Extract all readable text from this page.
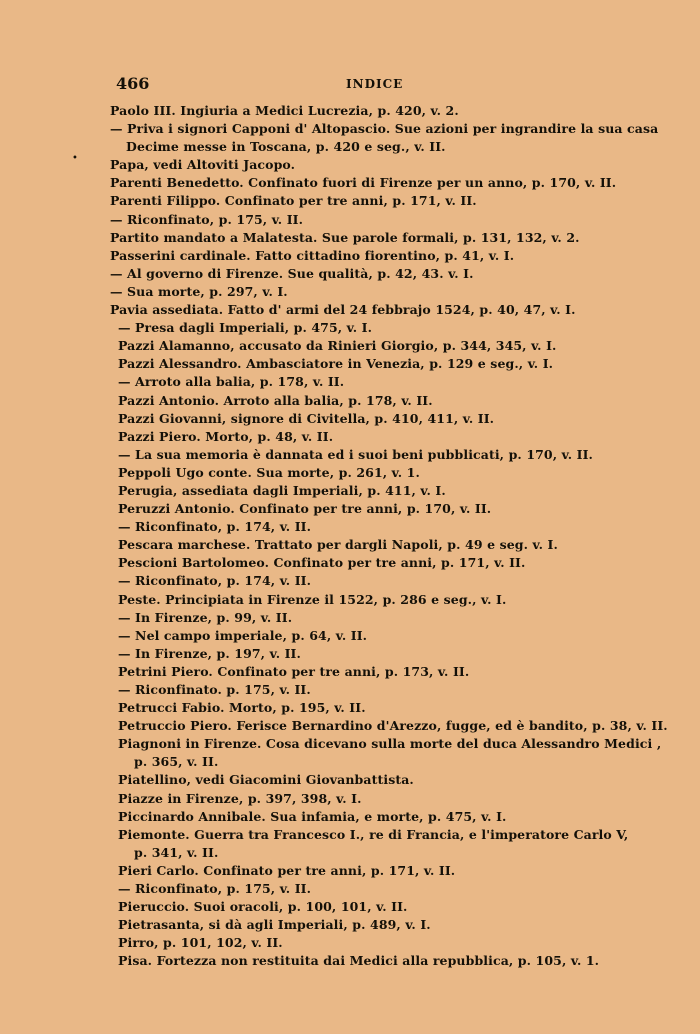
466	INDICE
•
Paolo III. Ingiuria a Medici Lucrezia, p. 420, v. 2.
— Priva i signori Capponi d' Altopascio. Sue azioni per ingrandire la sua casa
Decime messe in Toscana, p. 420 e seg., v. II.
Papa, vedi Altoviti Jacopo.
Parenti Benedetto. Confinato fuori di Firenze per un anno, p. 170, v. II.
Parenti Filippo. Confinato per tre anni, p. 171, v. II.
— Riconfinato, p. 175, v. II.
Partito mandato a Malatesta. Sue parole formali, p. 131, 132, v. 2.
Passerini cardinale. Fatto cittadino fiorentino, p. 41, v. I.
— Al governo di Firenze. Sue qualità, p. 42, 43. v. I.
— Sua morte, p. 297, v. I.
Pavia assediata. Fatto d' armi del 24 febbrajo 1524, p. 40, 47, v. I.
— Presa dagli Imperiali, p. 475, v. I.
Pazzi Alamanno, accusato da Rinieri Giorgio, p. 344, 345, v. I.
Pazzi Alessandro. Ambasciatore in Venezia, p. 129 e seg., v. I.
— Arroto alla balia, p. 178, v. II.
Pazzi Antonio. Arroto alla balia, p. 178, v. II.
Pazzi Giovanni, signore di Civitella, p. 410, 411, v. II.
Pazzi Piero. Morto, p. 48, v. II.
— La sua memoria è dannata ed i suoi beni pubblicati, p. 170, v. II.
Peppoli Ugo conte. Sua morte, p. 261, v. 1.
Perugia, assediata dagli Imperiali, p. 411, v. I.
Peruzzi Antonio. Confinato per tre anni, p. 170, v. II.
— Riconfinato, p. 174, v. II.
Pescara marchese. Trattato per dargli Napoli, p. 49 e seg. v. I.
Pescioni Bartolomeo. Confinato per tre anni, p. 171, v. II.
— Riconfinato, p. 174, v. II.
Peste. Principiata in Firenze il 1522, p. 286 e seg., v. I.
— In Firenze, p. 99, v. II.
— Nel campo imperiale, p. 64, v. II.
— In Firenze, p. 197, v. II.
Petrini Piero. Confinato per tre anni, p. 173, v. II.
— Riconfinato. p. 175, v. II.
Petrucci Fabio. Morto, p. 195, v. II.
Petruccio Piero. Ferisce Bernardino d'Arezzo, fugge, ed è bandito, p. 38, v. II.
Piagnoni in Firenze. Cosa dicevano sulla morte del duca Alessandro Medici ,
p. 365, v. II.
Piatellino, vedi Giacomini Giovanbattista.
Piazze in Firenze, p. 397, 398, v. I.
Piccinardo Annibale. Sua infamia, e morte, p. 475, v. I.
Piemonte. Guerra tra Francesco I., re di Francia, e l'imperatore Carlo V,
p. 341, v. II.
Pieri Carlo. Confinato per tre anni, p. 171, v. II.
— Riconfinato, p. 175, v. II.
Pieruccio. Suoi oracoli, p. 100, 101, v. II.
Pietrasanta, si dà agli Imperiali, p. 489, v. I.
Pirro, p. 101, 102, v. II.
Pisa. Fortezza non restituita dai Medici alla repubblica, p. 105, v. 1.
